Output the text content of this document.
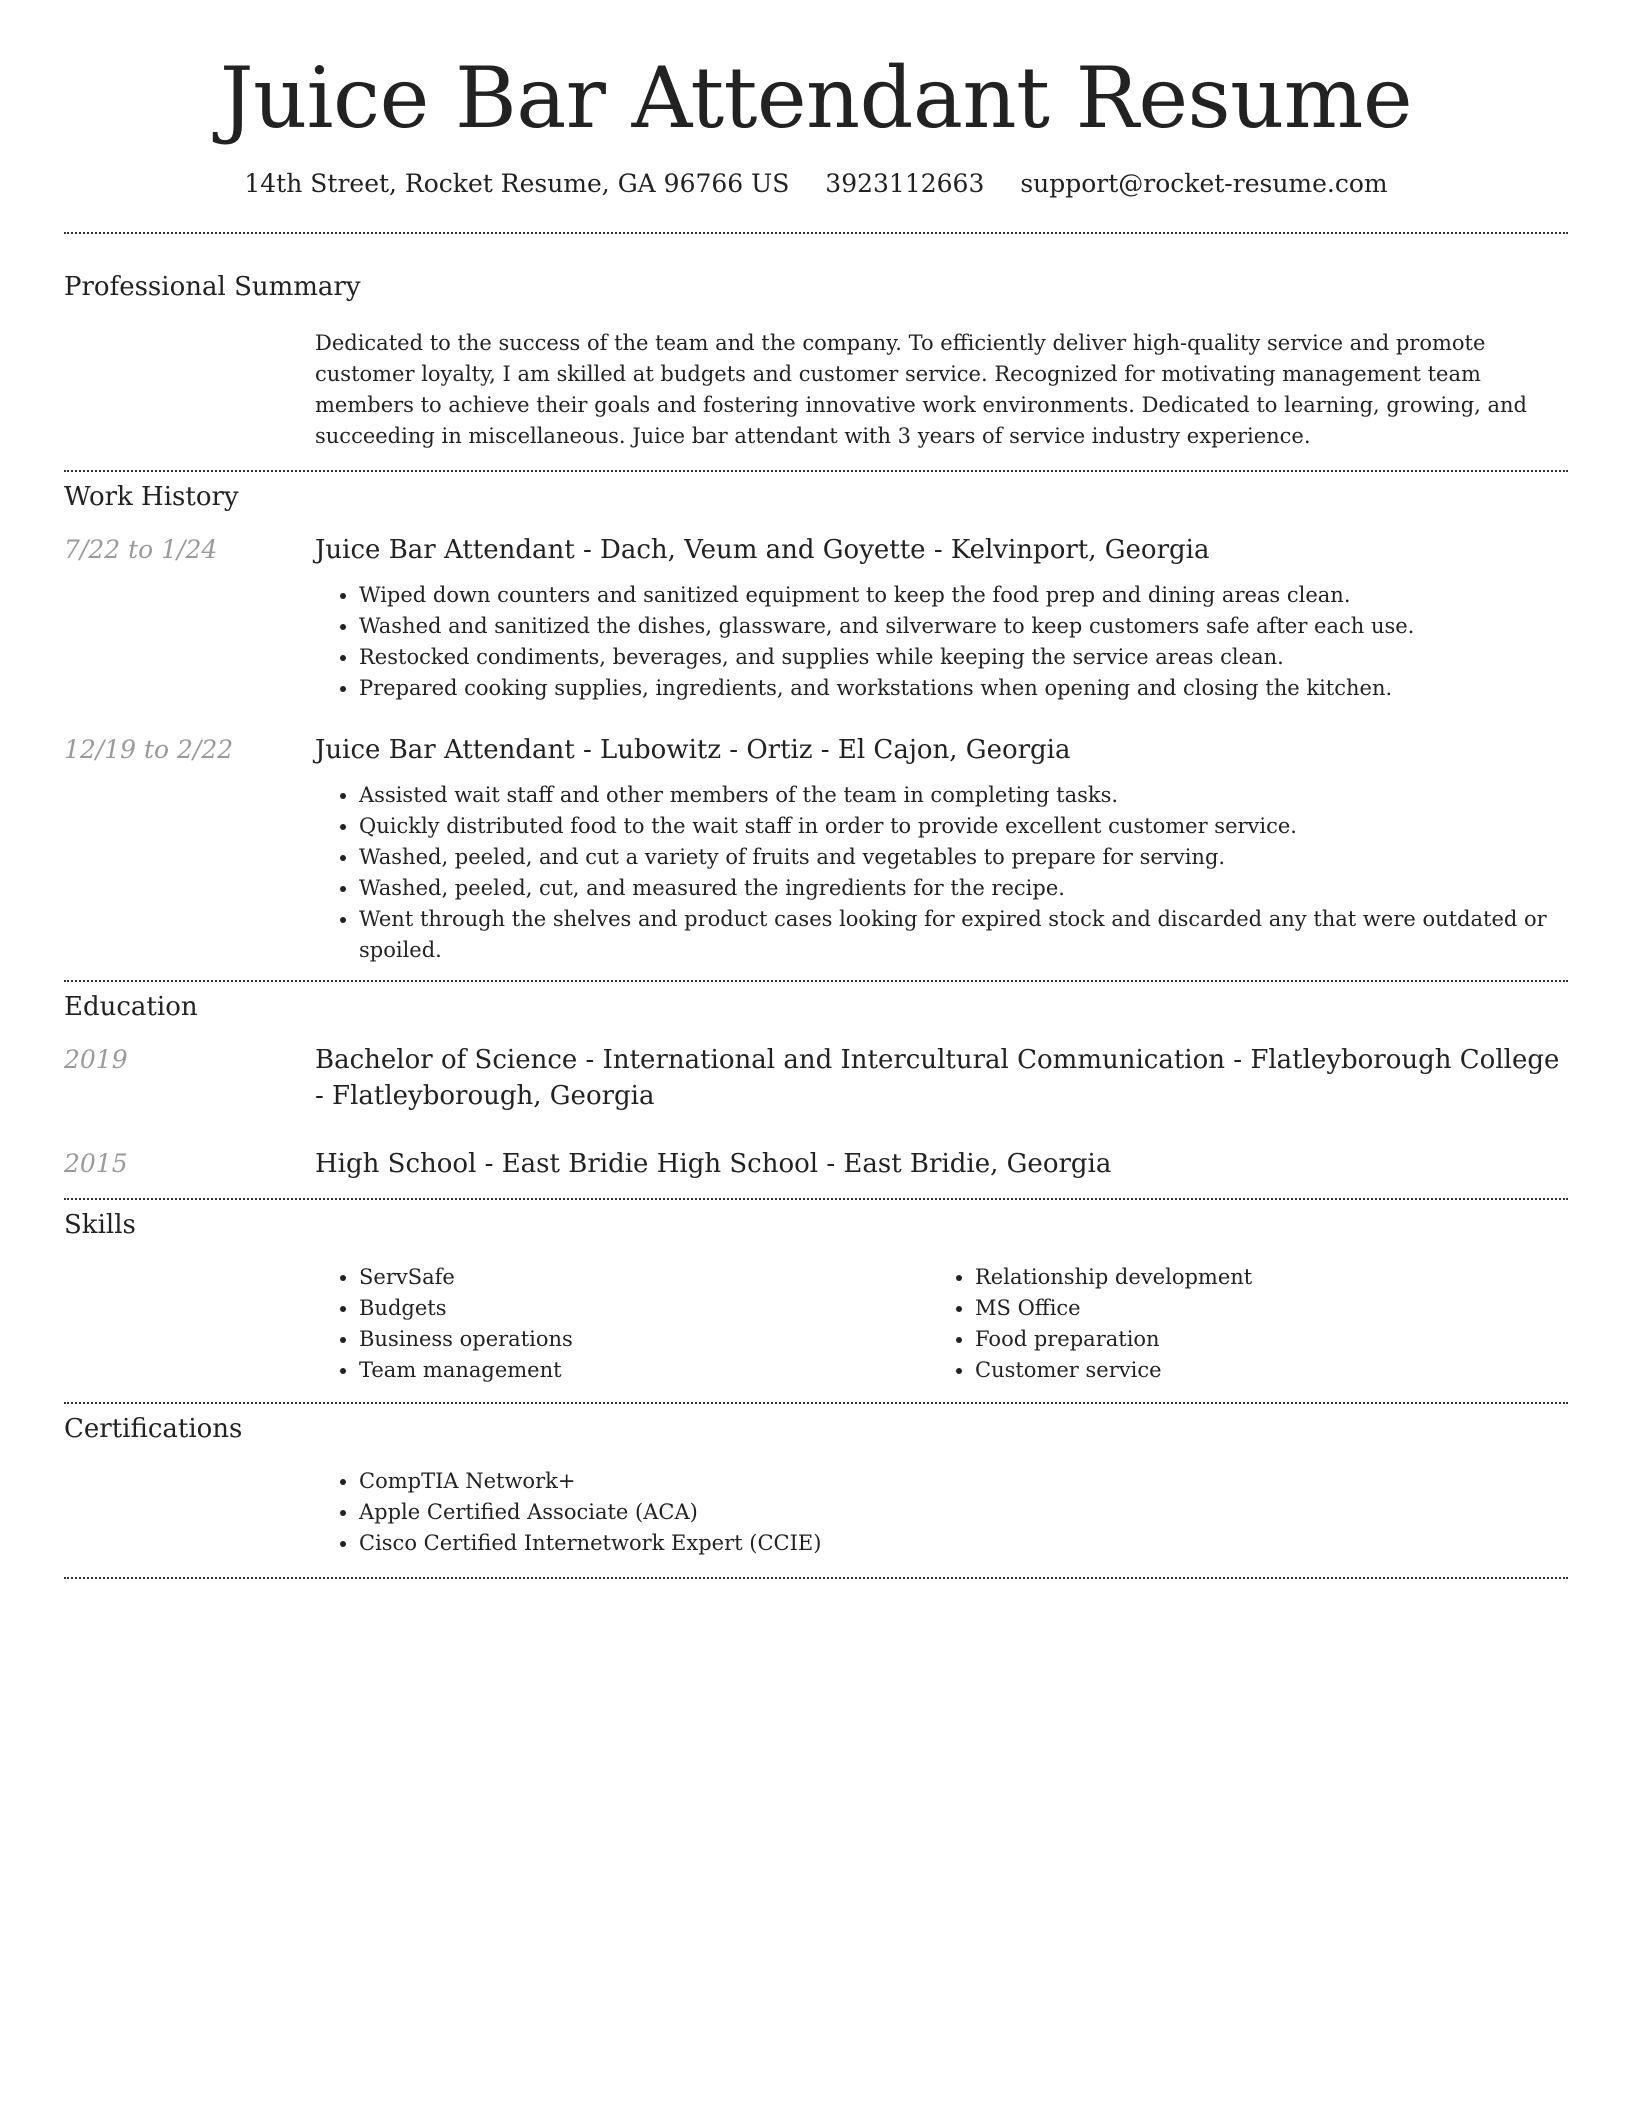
Juice Bar Attendant Resume
14th Street, Rocket Resume, GA 96766 US 3923112663 support@rocket-resume.com
Professional Summary
Dedicated to the success of the team and the company. To efficiently deliver high-quality service and promote customer loyalty, I am skilled at budgets and customer service. Recognized for motivating management team members to achieve their goals and fostering innovative work environments. Dedicated to learning, growing, and succeeding in miscellaneous. Juice bar attendant with 3 years of service industry experience.
Work History
7/22 to 1/24	Juice Bar Attendant - Dach, Veum and Goyette - Kelvinport, Georgia
• Wiped down counters and sanitized equipment to keep the food prep and dining areas clean.
• Washed and sanitized the dishes, glassware, and silverware to keep customers safe after each use.
• Restocked condiments, beverages, and supplies while keeping the service areas clean.
• Prepared cooking supplies, ingredients, and workstations when opening and closing the kitchen.
12/19 to 2/22	Juice Bar Attendant - Lubowitz - Ortiz - El Cajon, Georgia
• Assisted wait staff and other members of the team in completing tasks.
• Quickly distributed food to the wait staff in order to provide excellent customer service.
• Washed, peeled, and cut a variety of fruits and vegetables to prepare for serving.
• Washed, peeled, cut, and measured the ingredients for the recipe.
• Went through the shelves and product cases looking for expired stock and discarded any that were outdated or spoiled.
Education
2019	Bachelor of Science - International and Intercultural Communication - Flatleyborough College - Flatleyborough, Georgia
2015	High School - East Bridie High School - East Bridie, Georgia
Skills
• ServSafe
• Budgets
• Business operations
• Team management
• Relationship development
• MS Office
• Food preparation
• Customer service
Certifications
• CompTIA Network+
• Apple Certified Associate (ACA)
• Cisco Certified Internetwork Expert (CCIE)
